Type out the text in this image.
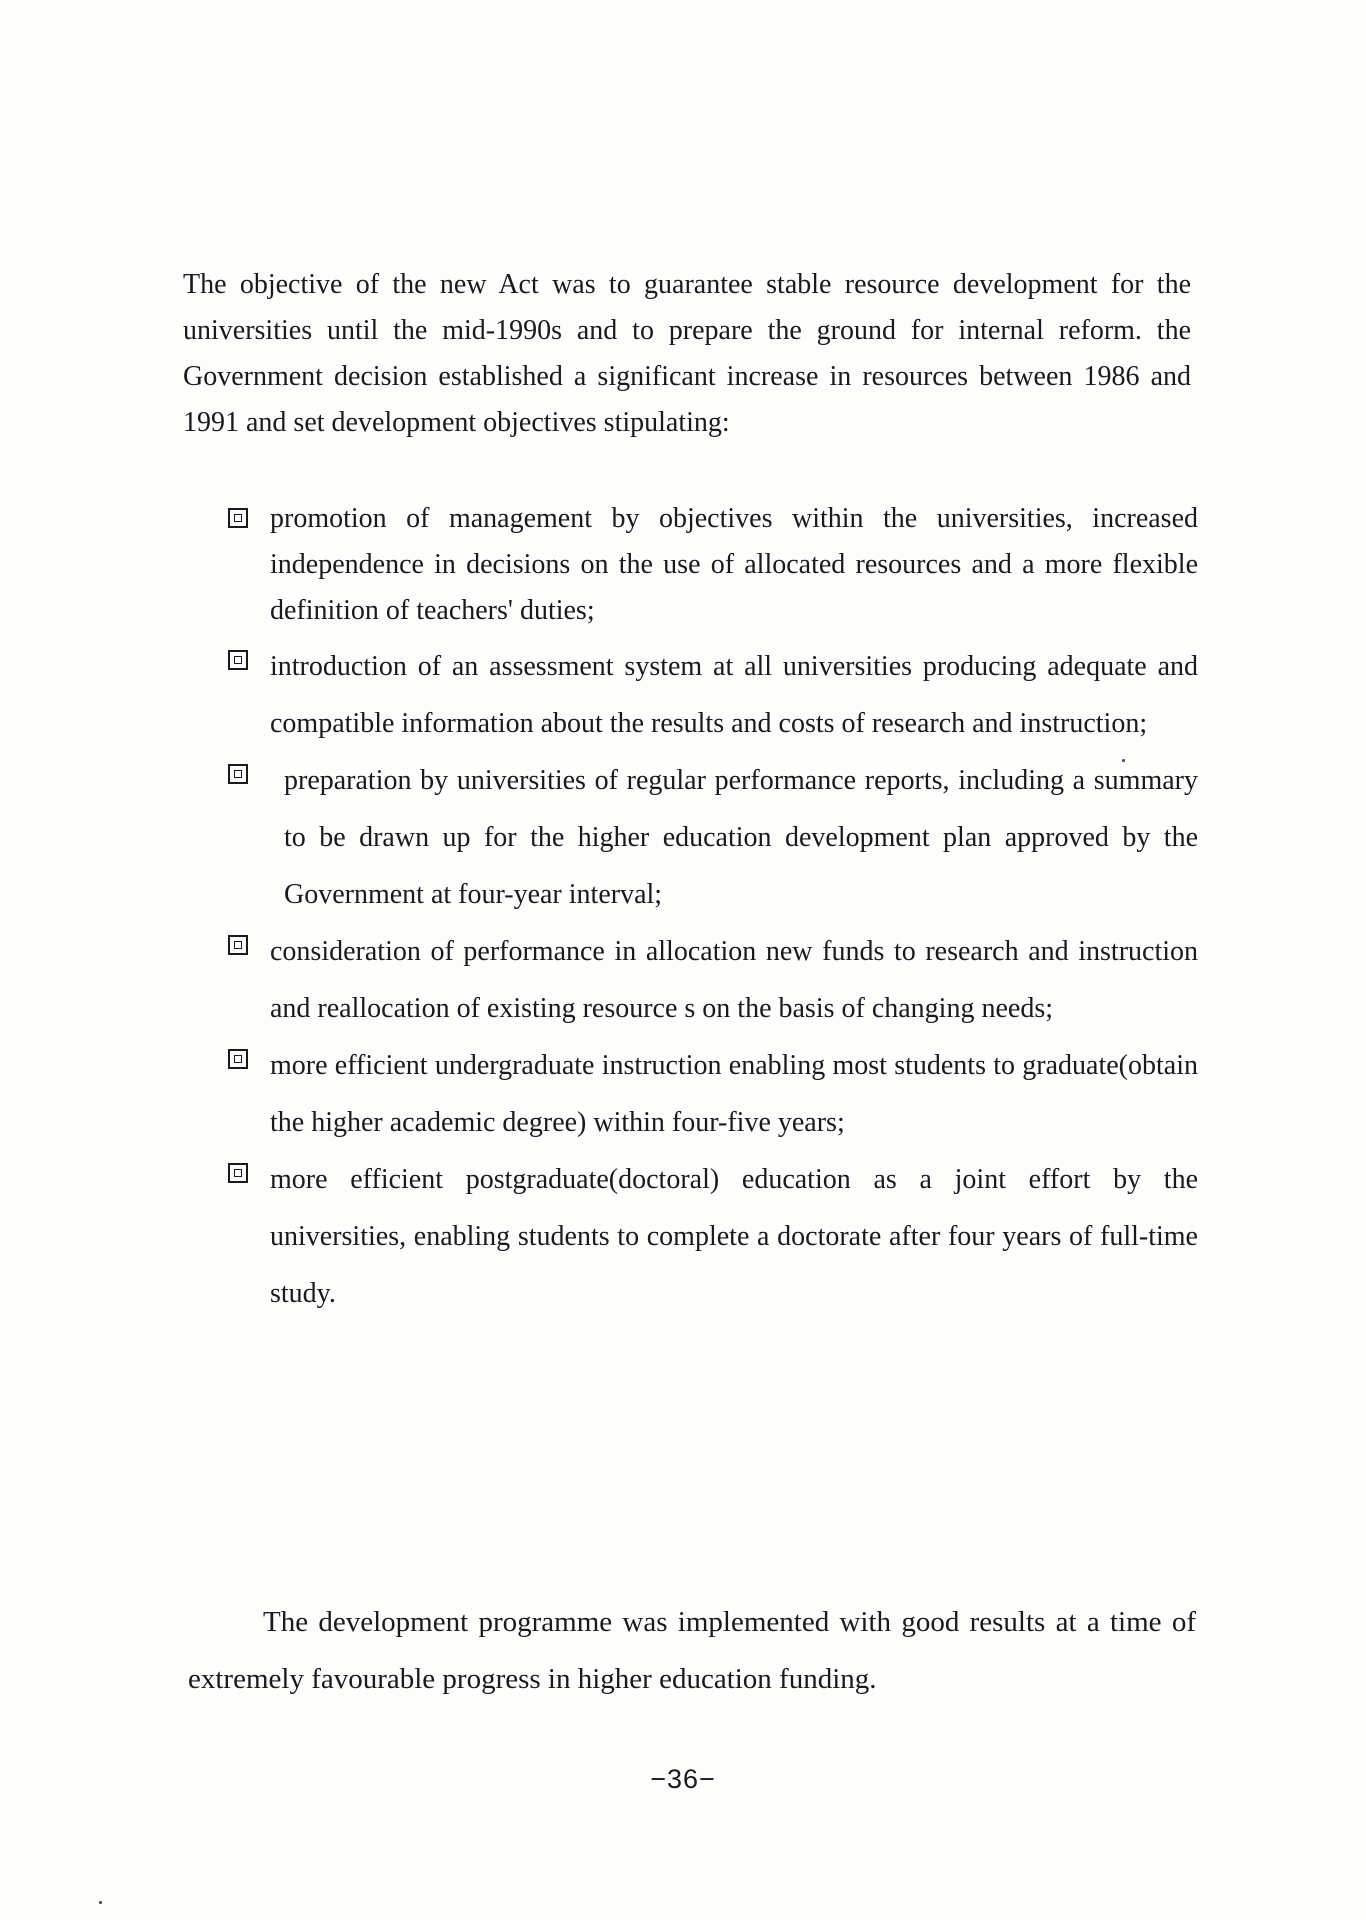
The objective of the new Act was to guarantee stable resource development for the universities until the mid-1990s and to prepare the ground for internal reform. the Government decision established a significant increase in resources between 1986 and 1991 and set development objectives stipulating:

promotion of management by objectives within the universities, increased independence in decisions on the use of allocated resources and a more flexible definition of teachers' duties;
introduction of an assessment system at all universities producing adequate and compatible information about the results and costs of research and instruction;
preparation by universities of regular performance reports, including a summary to be drawn up for the higher education development plan approved by the Government at four-year interval;
consideration of performance in allocation new funds to research and instruction and reallocation of existing resource s on the basis of changing needs;
more efficient undergraduate instruction enabling most students to graduate(obtain the higher academic degree) within four-five years;
more efficient postgraduate(doctoral) education as a joint effort by the universities, enabling students to complete a doctorate after four years of full-time study.

The development programme was implemented with good results at a time of extremely favourable progress in higher education funding.

−36−
